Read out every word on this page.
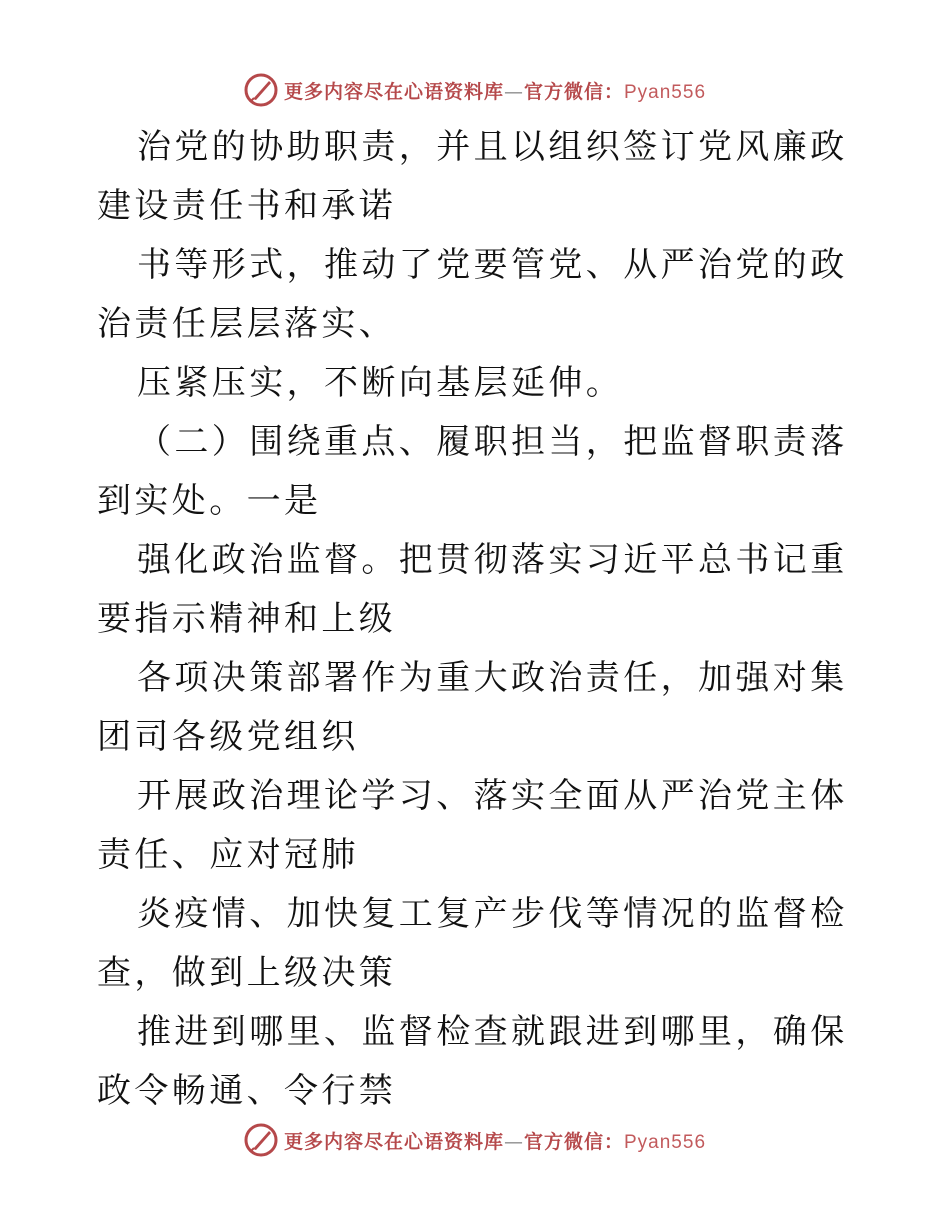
更多内容尽在心语资料库—官方微信：Pyan556

治党的协助职责，并且以组织签订党风廉政建设责任书和承诺

书等形式，推动了党要管党、从严治党的政治责任层层落实、

压紧压实，不断向基层延伸。

（二）围绕重点、履职担当，把监督职责落到实处。一是

强化政治监督。把贯彻落实习近平总书记重要指示精神和上级

各项决策部署作为重大政治责任，加强对集团司各级党组织

开展政治理论学习、落实全面从严治党主体责任、应对冠肺

炎疫情、加快复工复产步伐等情况的监督检查，做到上级决策

推进到哪里、监督检查就跟进到哪里，确保政令畅通、令行禁

更多内容尽在心语资料库—官方微信：Pyan556
